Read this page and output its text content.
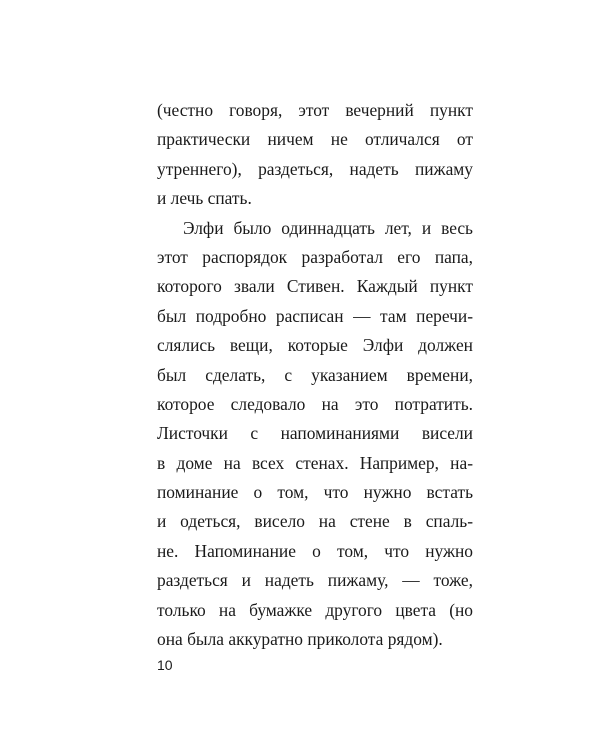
(честно говоря, этот вечерний пункт
практически ничем не отличался от
утреннего), раздеться, надеть пижаму
и лечь спать.
Элфи было одиннадцать лет, и весь
этот распорядок разработал его папа,
которого звали Стивен. Каждый пункт
был подробно расписан — там перечи-
слялись вещи, которые Элфи должен
был сделать, с указанием времени,
которое следовало на это потратить.
Листочки с напоминаниями висели
в доме на всех стенах. Например, на-
поминание о том, что нужно встать
и одеться, висело на стене в спаль-
не. Напоминание о том, что нужно
раздеться и надеть пижаму, — тоже,
только на бумажке другого цвета (но
она была аккуратно приколота рядом).
10
